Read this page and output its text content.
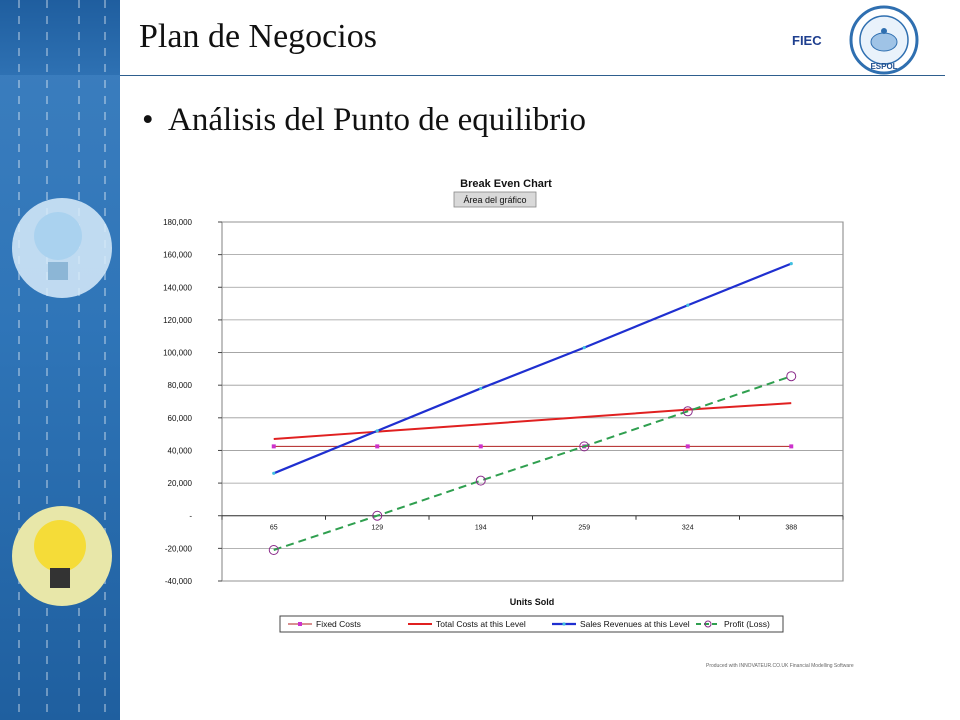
Plan de Negocios	FIEC
ESPOL
• Análisis del Punto de equilibrio
Break Even Chart
Área del gráfico
180,000
160,000
140,000
120,000
100,000
80,000
60,000
40,000
20,000
-
-20,000
-40,000
65	129	194	259	324	388
Units Sold
Fixed Costs	Total Costs at this Level	Sales Revenues at this Level	Profit (Loss)
Produced with INNOVATEUR.CO.UK Financial Modelling Software
